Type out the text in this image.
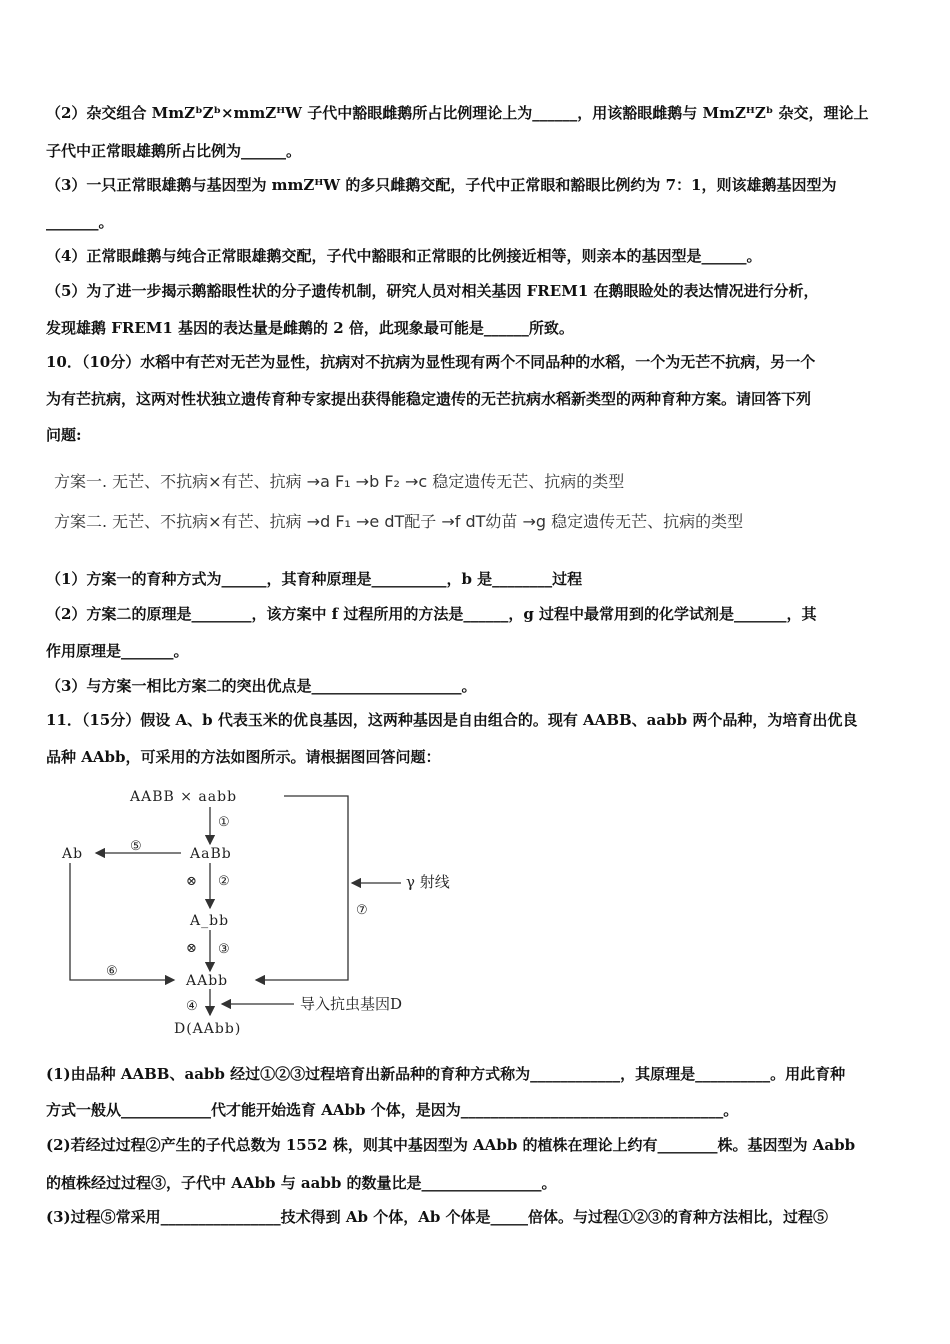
（2）杂交组合 MmZᵇZᵇ×mmZᴴW 子代中豁眼雌鹅所占比例理论上为______，用该豁眼雌鹅与 MmZᴴZᵇ 杂交，理论上
子代中正常眼雄鹅所占比例为______。
（3）一只正常眼雄鹅与基因型为 mmZᴴW 的多只雌鹅交配，子代中正常眼和豁眼比例约为 7：1，则该雄鹅基因型为
_______。
（4）正常眼雌鹅与纯合正常眼雄鹅交配，子代中豁眼和正常眼的比例接近相等，则亲本的基因型是______。
（5）为了进一步揭示鹅豁眼性状的分子遗传机制，研究人员对相关基因 FREM1 在鹅眼睑处的表达情况进行分析，
发现雄鹅 FREM1 基因的表达量是雌鹅的 2 倍，此现象最可能是______所致。
10．（10分）水稻中有芒对无芒为显性，抗病对不抗病为显性现有两个不同品种的水稻，一个为无芒不抗病，另一个
为有芒抗病，这两对性状独立遗传育种专家提出获得能稳定遗传的无芒抗病水稻新类型的两种育种方案。请回答下列
问题:
方案一. 无芒、不抗病×有芒、抗病 →a F₁ →b F₂ →c 稳定遗传无芒、抗病的类型
方案二. 无芒、不抗病×有芒、抗病 →d F₁ →e dT配子 →f dT幼苗 →g 稳定遗传无芒、抗病的类型
（1）方案一的育种方式为______，其育种原理是__________，b 是________过程
（2）方案二的原理是________，该方案中 f 过程所用的方法是______，g 过程中最常用到的化学试剂是_______，其
作用原理是_______。
（3）与方案一相比方案二的突出优点是____________________。
11．（15分）假设 A、b 代表玉米的优良基因，这两种基因是自由组合的。现有 AABB、aabb 两个品种，为培育出优良
品种 AAbb，可采用的方法如图所示。请根据图回答问题：
(1)由品种 AABB、aabb 经过①②③过程培育出新品种的育种方式称为____________，其原理是__________。用此育种
方式一般从____________代才能开始选育 AAbb 个体，是因为___________________________________。
(2)若经过过程②产生的子代总数为 1552 株，则其中基因型为 AAbb 的植株在理论上约有________株。基因型为 Aabb
的植株经过过程③，子代中 AAbb 与 aabb 的数量比是________________。
(3)过程⑤常采用________________技术得到 Ab 个体，Ab 个体是_____倍体。与过程①②③的育种方法相比，过程⑤
AABB × aabb
AaBb
A_bb
AAbb
Ab
D(AAbb)
①
⊗ ②
⊗ ③
④
⑤
⑥
⑦
γ 射线
导入抗虫基因D
